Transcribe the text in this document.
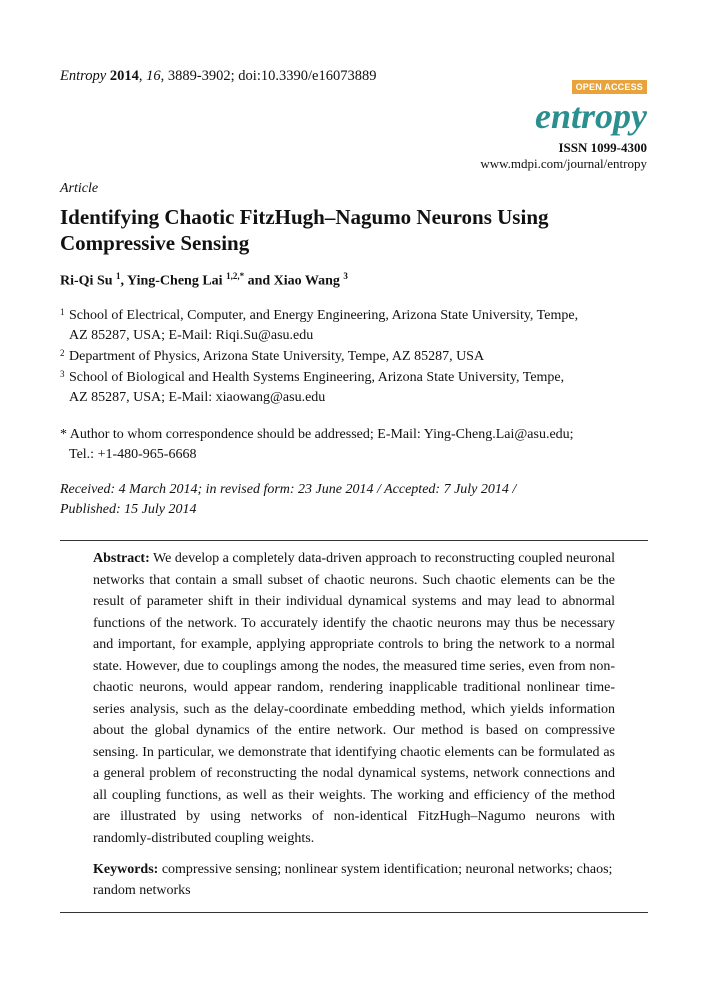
Entropy 2014, 16, 3889-3902; doi:10.3390/e16073889
OPEN ACCESS
entropy
ISSN 1099-4300
www.mdpi.com/journal/entropy
Article
Identifying Chaotic FitzHugh–Nagumo Neurons Using Compressive Sensing
Ri-Qi Su $^1$, Ying-Cheng Lai $^{1,2,*}$ and Xiao Wang $^3$
1 School of Electrical, Computer, and Energy Engineering, Arizona State University, Tempe,
AZ 85287, USA; E-Mail: Riqi.Su@asu.edu
2 Department of Physics, Arizona State University, Tempe, AZ 85287, USA
3 School of Biological and Health Systems Engineering, Arizona State University, Tempe,
AZ 85287, USA; E-Mail: xiaowang@asu.edu
* Author to whom correspondence should be addressed; E-Mail: Ying-Cheng.Lai@asu.edu;
Tel.: +1-480-965-6668
Received: 4 March 2014; in revised form: 23 June 2014 / Accepted: 7 July 2014 /
Published: 15 July 2014
Abstract: We develop a completely data-driven approach to reconstructing coupled neuronal networks that contain a small subset of chaotic neurons. Such chaotic elements can be the result of parameter shift in their individual dynamical systems and may lead to abnormal functions of the network. To accurately identify the chaotic neurons may thus be necessary and important, for example, applying appropriate controls to bring the network to a normal state. However, due to couplings among the nodes, the measured time series, even from non-chaotic neurons, would appear random, rendering inapplicable traditional nonlinear time-series analysis, such as the delay-coordinate embedding method, which yields information about the global dynamics of the entire network. Our method is based on compressive sensing. In particular, we demonstrate that identifying chaotic elements can be formulated as a general problem of reconstructing the nodal dynamical systems, network connections and all coupling functions, as well as their weights. The working and efficiency of the method are illustrated by using networks of non-identical FitzHugh–Nagumo neurons with randomly-distributed coupling weights.
Keywords: compressive sensing; nonlinear system identification; neuronal networks; chaos; random networks
